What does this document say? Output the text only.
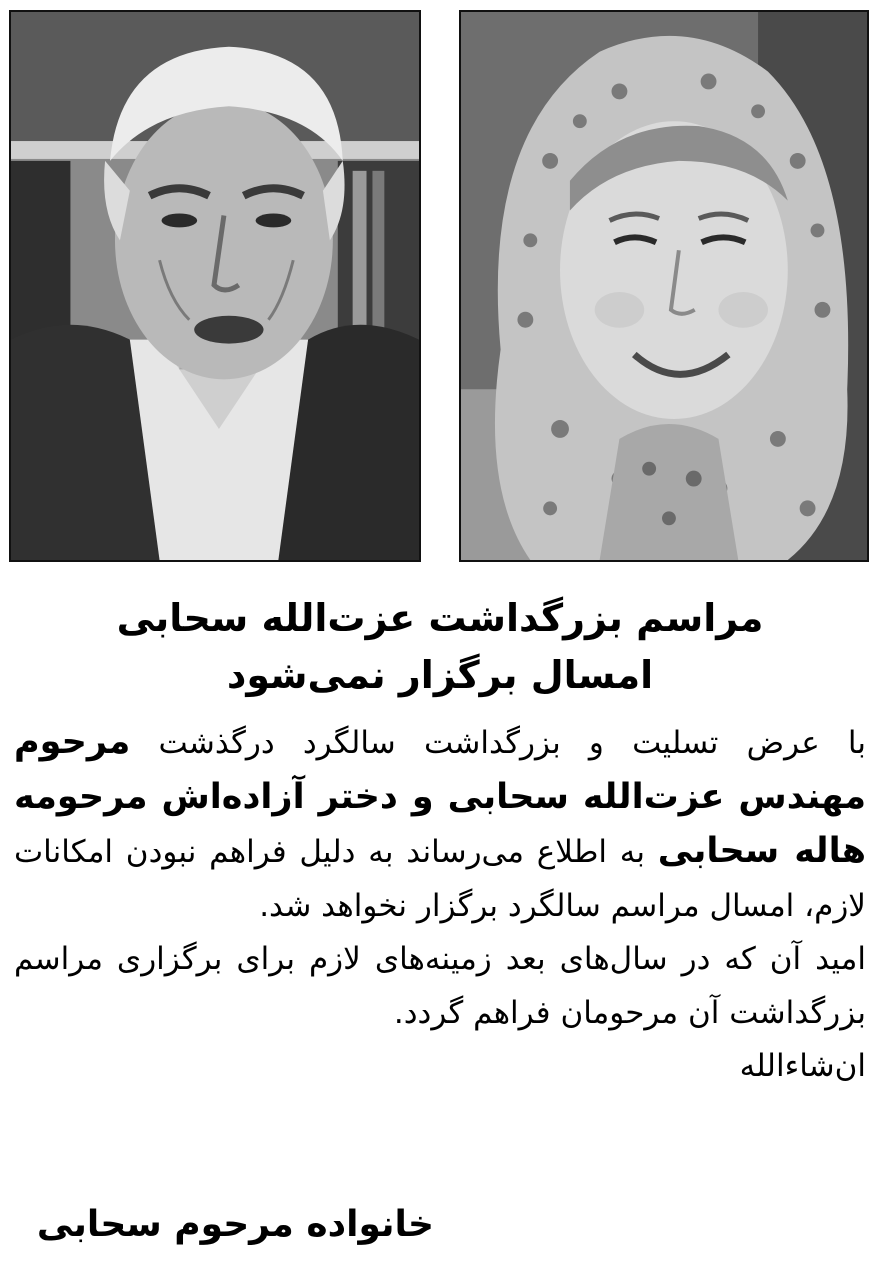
مراسم بزرگداشت عزت‌الله سحابی
امسال برگزار نمی‌شود

با عرض تسلیت و بزرگداشت سالگرد درگذشت مرحوم مهندس عزت‌الله سحابی و دختر آزاده‌اش مرحومه هاله سحابی به اطلاع می‌رساند به دلیل فراهم نبودن امکانات لازم، امسال مراسم سالگرد برگزار نخواهد شد.

امید آن که در سال‌های بعد زمینه‌های لازم برای برگزاری مراسم بزرگداشت آن مرحومان فراهم گردد.

ان‌شاءالله

خانواده مرحوم سحابی
